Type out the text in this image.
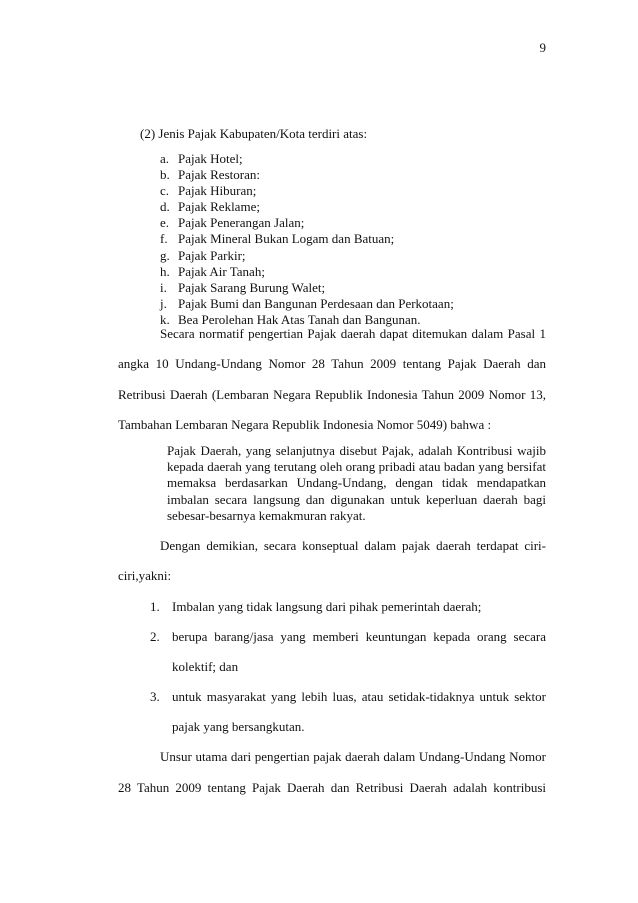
9
(2) Jenis Pajak Kabupaten/Kota terdiri atas:
a. Pajak Hotel;
b. Pajak Restoran:
c. Pajak Hiburan;
d. Pajak Reklame;
e. Pajak Penerangan Jalan;
f. Pajak Mineral Bukan Logam dan Batuan;
g. Pajak Parkir;
h. Pajak Air Tanah;
i. Pajak Sarang Burung Walet;
j. Pajak Bumi dan Bangunan Perdesaan dan Perkotaan;
k. Bea Perolehan Hak Atas Tanah dan Bangunan.
Secara normatif pengertian Pajak daerah dapat ditemukan dalam Pasal 1
angka 10 Undang-Undang Nomor 28 Tahun 2009 tentang Pajak Daerah dan
Retribusi Daerah (Lembaran Negara Republik Indonesia Tahun 2009 Nomor 13,
Tambahan Lembaran Negara Republik Indonesia Nomor 5049) bahwa :
Pajak Daerah, yang selanjutnya disebut Pajak, adalah Kontribusi wajib kepada daerah yang terutang oleh orang pribadi atau badan yang bersifat memaksa berdasarkan Undang-Undang, dengan tidak mendapatkan imbalan secara langsung dan digunakan untuk keperluan daerah bagi sebesar-besarnya kemakmuran rakyat.
Dengan demikian, secara konseptual dalam pajak daerah terdapat ciri-
ciri,yakni:
1. Imbalan yang tidak langsung dari pihak pemerintah daerah;
2. berupa barang/jasa yang memberi keuntungan kepada orang secara
kolektif; dan
3. untuk masyarakat yang lebih luas, atau setidak-tidaknya untuk sektor
pajak yang bersangkutan.
Unsur utama dari pengertian pajak daerah dalam Undang-Undang Nomor
28 Tahun 2009 tentang Pajak Daerah dan Retribusi Daerah adalah kontribusi
